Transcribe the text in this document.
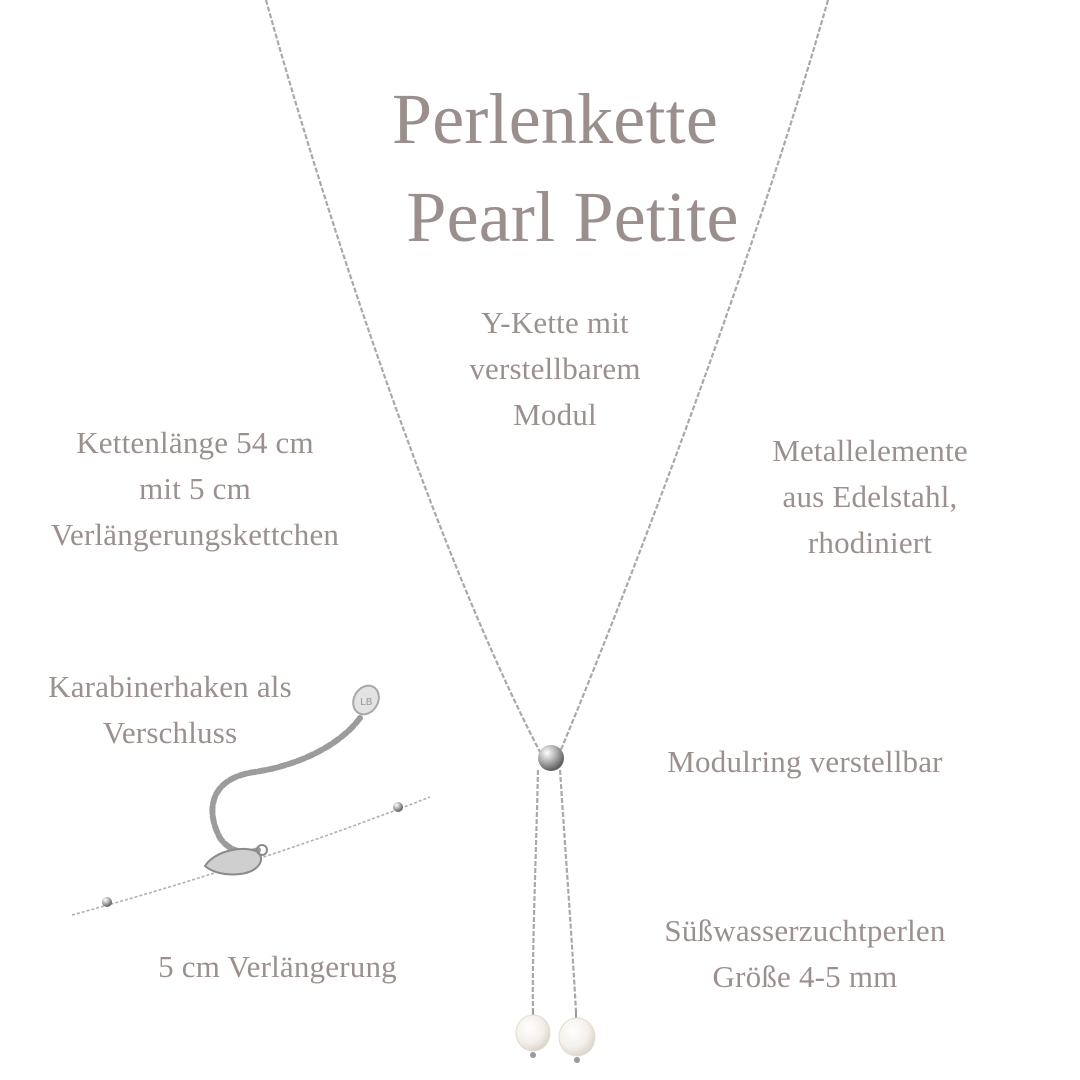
LB
Perlenkette
Pearl Petite
Y-Kette mit
verstellbarem
Modul
Kettenlänge 54 cm
mit 5 cm
Verlängerungskettchen
Metallelemente
aus Edelstahl,
rhodiniert
Karabinerhaken als
Verschluss
Modulring verstellbar
5 cm Verlängerung
Süßwasserzuchtperlen
Größe 4-5 mm
